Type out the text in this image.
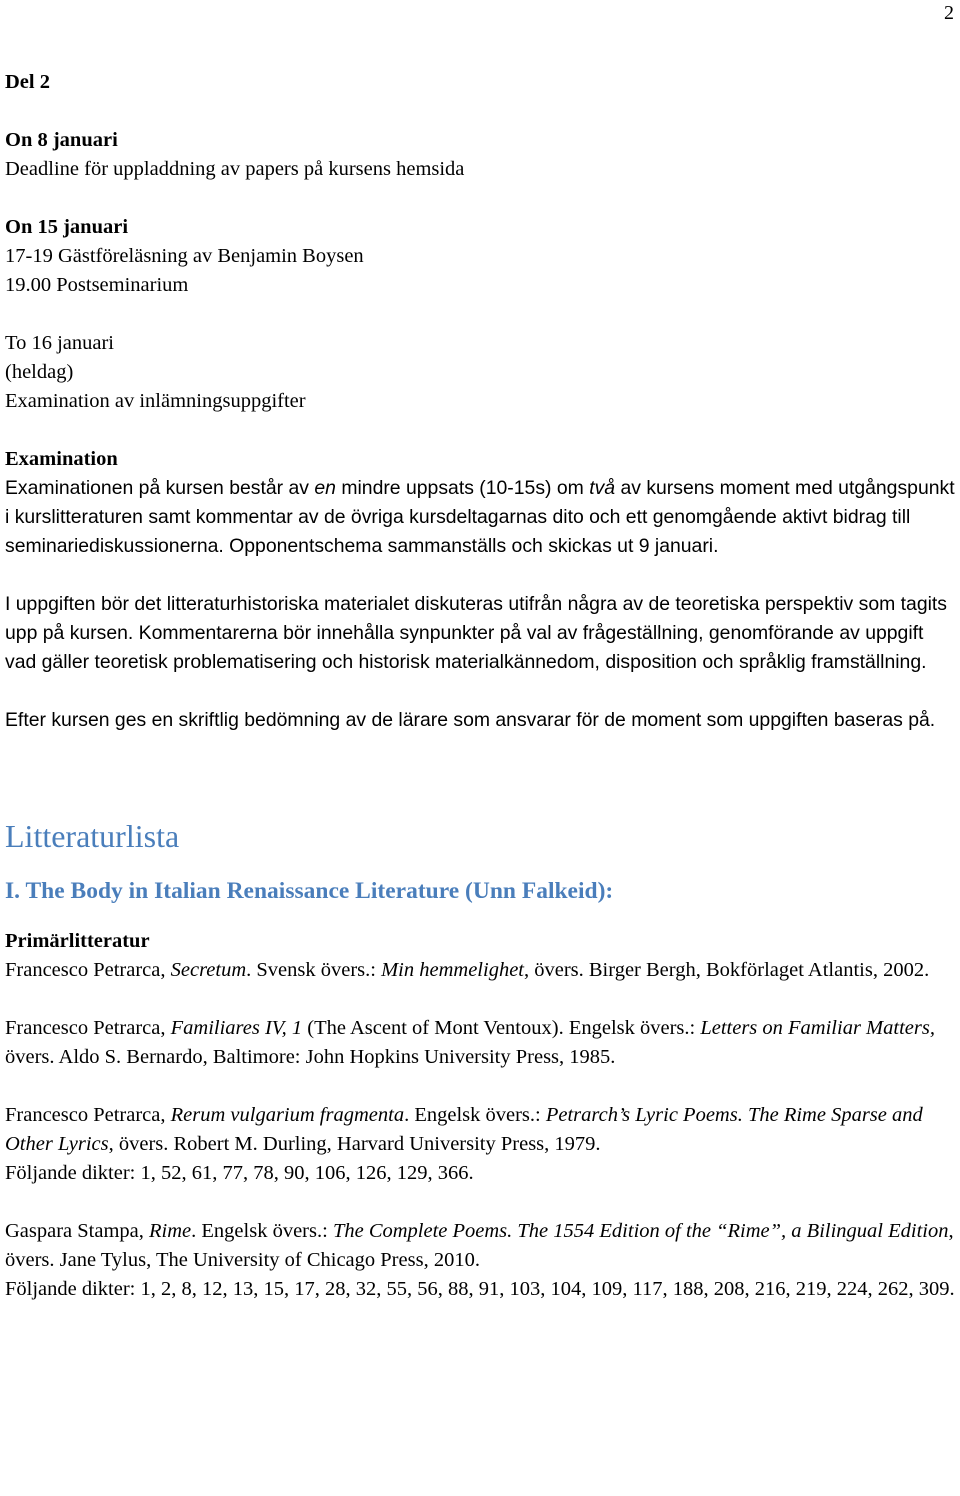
2

Del 2

On 8 januari

Deadline för uppladdning av papers på kursens hemsida

On 15 januari

17-19 Gästföreläsning av Benjamin Boysen

19.00 Postseminarium

To 16 januari

(heldag)

Examination av inlämningsuppgifter

Examination

Examinationen på kursen består av en mindre uppsats (10-15s) om två av kursens moment med utgångspunkt i kurslitteraturen samt kommentar av de övriga kursdeltagarnas dito och ett genomgående aktivt bidrag till seminariediskussionerna. Opponentschema sammanställs och skickas ut 9 januari.

I uppgiften bör det litteraturhistoriska materialet diskuteras utifrån några av de teoretiska perspektiv som tagits upp på kursen. Kommentarerna bör innehålla synpunkter på val av frågeställning, genomförande av uppgift vad gäller teoretisk problematisering och historisk materialkännedom, disposition och språklig framställning.

Efter kursen ges en skriftlig bedömning av de lärare som ansvarar för de moment som uppgiften baseras på.

Litteraturlista

I. The Body in Italian Renaissance Literature (Unn Falkeid):

Primärlitteratur

Francesco Petrarca, Secretum. Svensk övers.: Min hemmelighet, övers. Birger Bergh, Bokförlaget Atlantis, 2002.

Francesco Petrarca, Familiares IV, 1 (The Ascent of Mont Ventoux). Engelsk övers.: Letters on Familiar Matters, övers. Aldo S. Bernardo, Baltimore: John Hopkins University Press, 1985.

Francesco Petrarca, Rerum vulgarium fragmenta. Engelsk övers.: Petrarch’s Lyric Poems. The Rime Sparse and Other Lyrics, övers. Robert M. Durling, Harvard University Press, 1979.

Följande dikter: 1, 52, 61, 77, 78, 90, 106, 126, 129, 366.

Gaspara Stampa, Rime. Engelsk övers.: The Complete Poems. The 1554 Edition of the “Rime”, a Bilingual Edition, övers. Jane Tylus, The University of Chicago Press, 2010.

Följande dikter: 1, 2, 8, 12, 13, 15, 17, 28, 32, 55, 56, 88, 91, 103, 104, 109, 117, 188, 208, 216, 219, 224, 262, 309.
